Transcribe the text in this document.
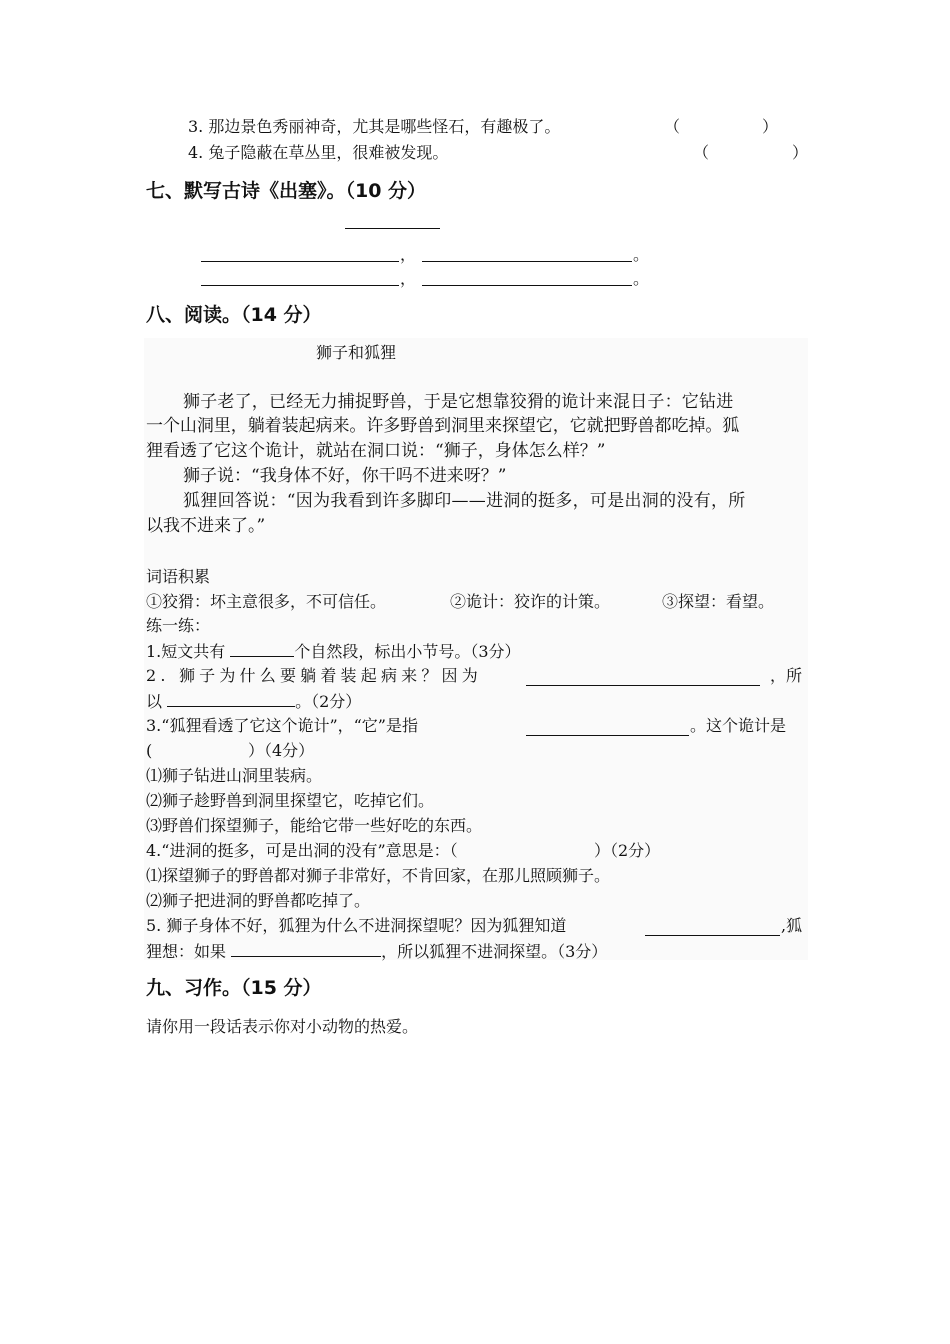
3. 那边景色秀丽神奇，尤其是哪些怪石，有趣极了。	（	）
4. 兔子隐蔽在草丛里，很难被发现。	（	）
七、默写古诗《出塞》。（10 分）
，	。
，	。
八、阅读。（14 分）
狮子和狐狸
狮子老了，已经无力捕捉野兽，于是它想靠狡猾的诡计来混日子：它钻进
一个山洞里，躺着装起病来。许多野兽到洞里来探望它，它就把野兽都吃掉。狐
狸看透了它这个诡计，就站在洞口说：“狮子，身体怎么样？”
狮子说：“我身体不好，你干吗不进来呀？”
狐狸回答说：“因为我看到许多脚印——进洞的挺多，可是出洞的没有，所
以我不进来了。”
词语积累
①狡猾：坏主意很多，不可信任。	②诡计：狡诈的计策。	③探望：看望。
练一练：
1.短文共有	个自然段，标出小节号。（3分）
2. 狮子为什么要躺着装起病来？因为	，所
以	。（2分）
3.“狐狸看透了它这个诡计”，“它”是指	。这个诡计是
(	）（4分）
⑴狮子钻进山洞里装病。
⑵狮子趁野兽到洞里探望它，吃掉它们。
⑶野兽们探望狮子，能给它带一些好吃的东西。
4.“进洞的挺多，可是出洞的没有”意思是：（	）（2分）
⑴探望狮子的野兽都对狮子非常好，不肯回家，在那儿照顾狮子。
⑵狮子把进洞的野兽都吃掉了。
5. 狮子身体不好，狐狸为什么不进洞探望呢？因为狐狸知道	,狐
狸想：如果	，所以狐狸不进洞探望。（3分）
九、习作。（15 分）
请你用一段话表示你对小动物的热爱。
